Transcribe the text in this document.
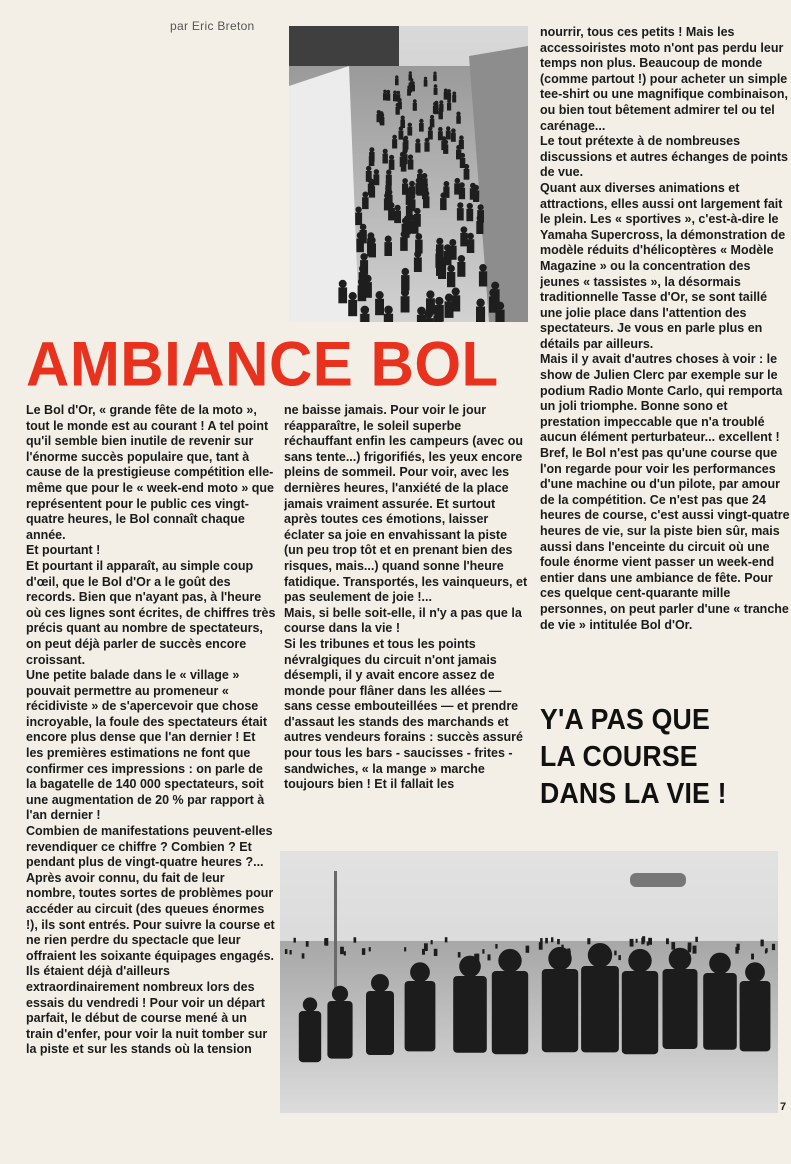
par Eric Breton
AMBIANCE BOL

Le Bol d'Or, « grande fête de la moto », tout le monde est au courant ! A tel point qu'il semble bien inutile de revenir sur l'énorme succès populaire que, tant à cause de la prestigieuse compétition elle-même que pour le « week-end moto » que représentent pour le public ces vingt-quatre heures, le Bol connaît chaque année.

Et pourtant !

Et pourtant il apparaît, au simple coup d'œil, que le Bol d'Or a le goût des records. Bien que n'ayant pas, à l'heure où ces lignes sont écrites, de chiffres très précis quant au nombre de spectateurs, on peut déjà parler de succès encore croissant.

Une petite balade dans le « village » pouvait permettre au promeneur « récidiviste » de s'apercevoir que chose incroyable, la foule des spectateurs était encore plus dense que l'an dernier ! Et les premières estimations ne font que confirmer ces impressions : on parle de la bagatelle de 140 000 spectateurs, soit une augmentation de 20 % par rapport à l'an dernier !

Combien de manifestations peuvent-elles revendiquer ce chiffre ? Combien ? Et pendant plus de vingt-quatre heures ?...

Après avoir connu, du fait de leur nombre, toutes sortes de problèmes pour accéder au circuit (des queues énormes !), ils sont entrés. Pour suivre la course et ne rien perdre du spectacle que leur offraient les soixante équipages engagés. Ils étaient déjà d'ailleurs extraordinairement nombreux lors des essais du vendredi ! Pour voir un départ parfait, le début de course mené à un train d'enfer, pour voir la nuit tomber sur la piste et sur les stands où la tension

ne baisse jamais. Pour voir le jour réapparaître, le soleil superbe réchauffant enfin les campeurs (avec ou sans tente...) frigorifiés, les yeux encore pleins de sommeil. Pour voir, avec les dernières heures, l'anxiété de la place jamais vraiment assurée. Et surtout après toutes ces émotions, laisser éclater sa joie en envahissant la piste (un peu trop tôt et en prenant bien des risques, mais...) quand sonne l'heure fatidique. Transportés, les vainqueurs, et pas seulement de joie !...

Mais, si belle soit-elle, il n'y a pas que la course dans la vie !

Si les tribunes et tous les points névralgiques du circuit n'ont jamais désempli, il y avait encore assez de monde pour flâner dans les allées — sans cesse embouteillées — et prendre d'assaut les stands des marchands et autres vendeurs forains : succès assuré pour tous les bars - saucisses - frites - sandwiches, « la mange » marche toujours bien ! Et il fallait les

nourrir, tous ces petits ! Mais les accessoiristes moto n'ont pas perdu leur temps non plus. Beaucoup de monde (comme partout !) pour acheter un simple tee-shirt ou une magnifique combinaison, ou bien tout bêtement admirer tel ou tel carénage...

Le tout prétexte à de nombreuses discussions et autres échanges de points de vue.

Quant aux diverses animations et attractions, elles aussi ont largement fait le plein. Les « sportives », c'est-à-dire le Yamaha Supercross, la démonstration de modèle réduits d'hélicoptères « Modèle Magazine » ou la concentration des jeunes « tassistes », la désormais traditionnelle Tasse d'Or, se sont taillé une jolie place dans l'attention des spectateurs. Je vous en parle plus en détails par ailleurs.

Mais il y avait d'autres choses à voir : le show de Julien Clerc par exemple sur le podium Radio Monte Carlo, qui remporta un joli triomphe. Bonne sono et prestation impeccable que n'a troublé aucun élément perturbateur... excellent !

Bref, le Bol n'est pas qu'une course que l'on regarde pour voir les performances d'une machine ou d'un pilote, par amour de la compétition. Ce n'est pas que 24 heures de course, c'est aussi vingt-quatre heures de vie, sur la piste bien sûr, mais aussi dans l'enceinte du circuit où une foule énorme vient passer un week-end entier dans une ambiance de fête. Pour ces quelque cent-quarante mille personnes, on peut parler d'une « tranche de vie » intitulée Bol d'Or.

Y'A PAS QUE
LA COURSE
DANS LA VIE !
7
